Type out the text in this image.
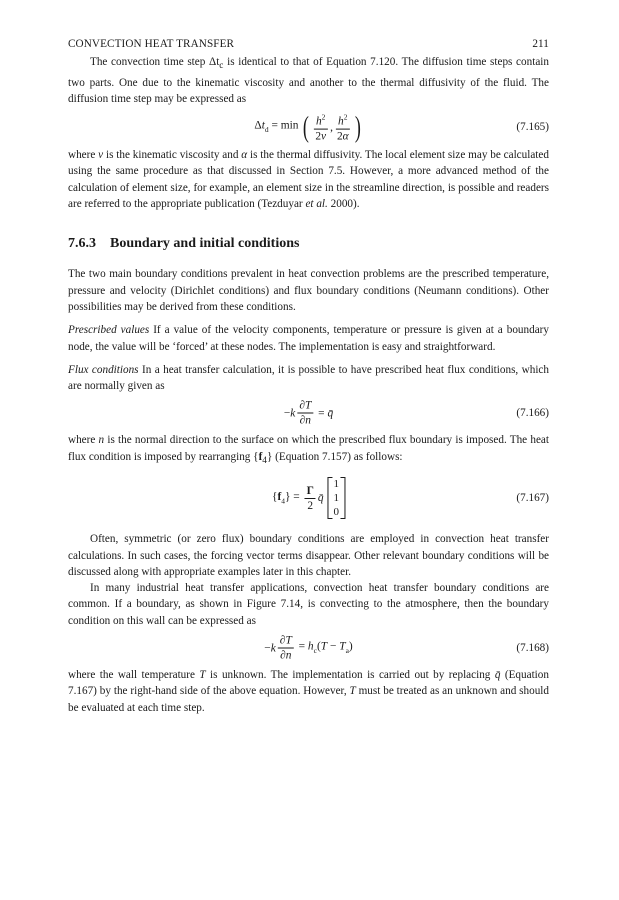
CONVECTION HEAT TRANSFER	211

The convection time step $\Delta t_c$ is identical to that of Equation 7.120. The diffusion time steps contain two parts. One due to the kinematic viscosity and another to the thermal diffusivity of the fluid. The diffusion time step may be expressed as

$\Delta t_d = \min$ ( $\frac{h^2}{2\nu}$ , $\frac{h^2}{2\alpha}$ )	(7.165)

where ν is the kinematic viscosity and α is the thermal diffusivity. The local element size may be calculated using the same procedure as that discussed in Section 7.5. However, a more advanced method of the calculation of element size, for example, an element size in the streamline direction, is possible and readers are referred to the appropriate publication (Tezduyar et al. 2000).

7.6.3 Boundary and initial conditions

The two main boundary conditions prevalent in heat convection problems are the prescribed temperature, pressure and velocity (Dirichlet conditions) and flux boundary conditions (Neumann conditions). Other possibilities may be derived from these conditions.

Prescribed values If a value of the velocity components, temperature or pressure is given at a boundary node, the value will be ‘forced’ at these nodes. The implementation is easy and straightforward.

Flux conditions In a heat transfer calculation, it is possible to have prescribed heat flux conditions, which are normally given as

$-k \frac{\partial T}{\partial n}$ = q̄	(7.166)

where n is the normal direction to the surface on which the prescribed flux boundary is imposed. The heat flux condition is imposed by rearranging $\{f_4\}$ (Equation 7.157) as follows:

$\{f_4\} = \frac{\Gamma}{2}$ q̄
1
1
0
(7.167)

Often, symmetric (or zero flux) boundary conditions are employed in convection heat transfer calculations. In such cases, the forcing vector terms disappear. Other relevant boundary conditions will be discussed along with appropriate examples later in this chapter.

In many industrial heat transfer applications, convection heat transfer boundary conditions are common. If a boundary, as shown in Figure 7.14, is convecting to the atmosphere, then the boundary condition on this wall can be expressed as

$-k \frac{\partial T}{\partial n} = h_c(T - T_a)$	(7.168)

where the wall temperature T is unknown. The implementation is carried out by replacing q̄ (Equation 7.167) by the right-hand side of the above equation. However, T must be treated as an unknown and should be evaluated at each time step.
